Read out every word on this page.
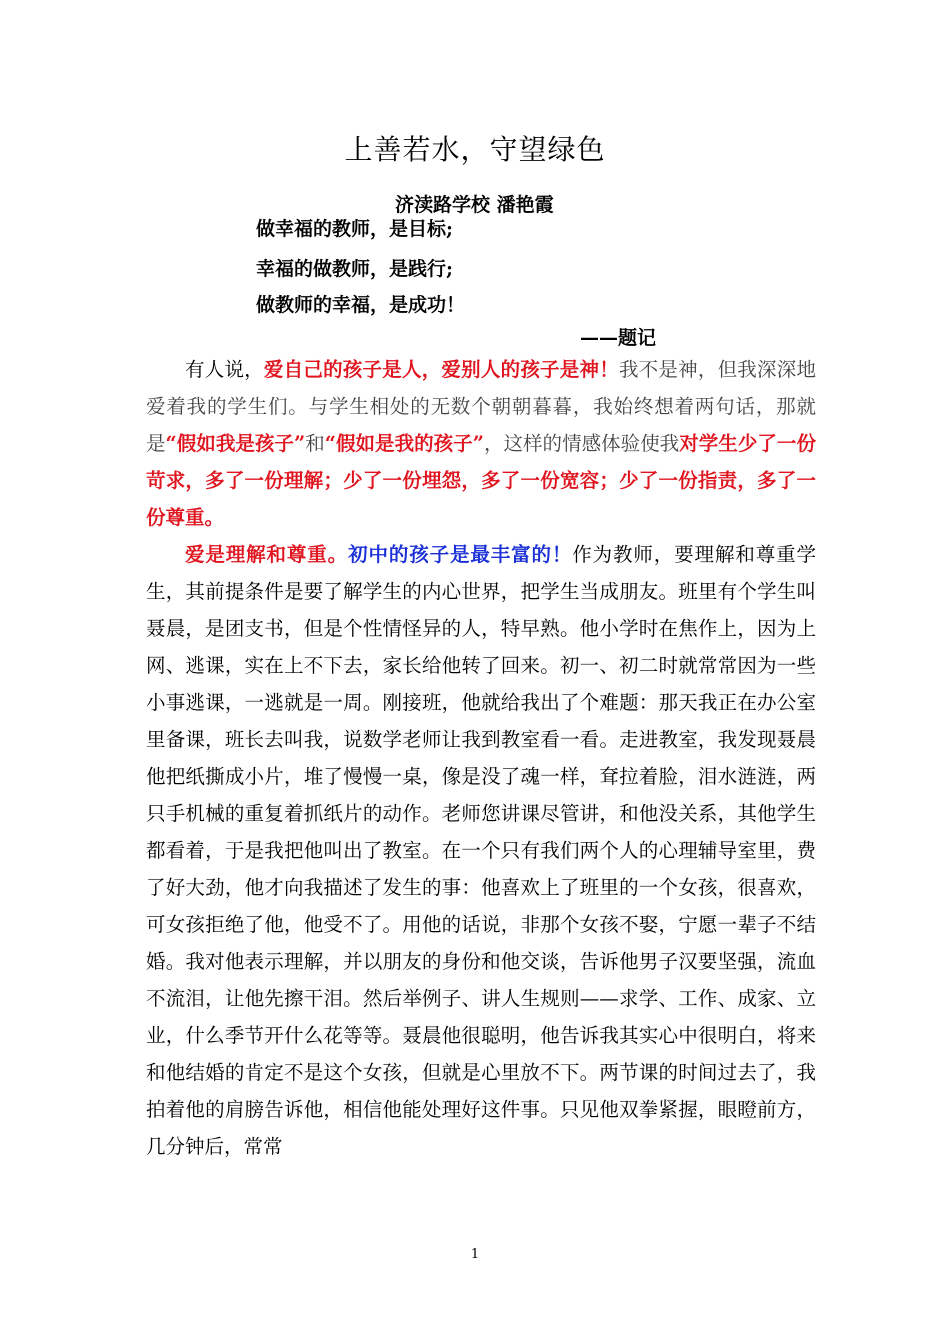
上善若水，守望绿色
济渎路学校 潘艳霞
做幸福的教师，是目标;
幸福的做教师，是践行;
做教师的幸福，是成功！
——题记

有人说，爱自己的孩子是人，爱别人的孩子是神！我不是神，但我深深地爱着我的学生们。与学生相处的无数个朝朝暮暮，我始终想着两句话，那就是“假如我是孩子”和“假如是我的孩子”，这样的情感体验使我对学生少了一份苛求，多了一份理解；少了一份埋怨，多了一份宽容；少了一份指责，多了一份尊重。

爱是理解和尊重。初中的孩子是最丰富的！作为教师，要理解和尊重学生，其前提条件是要了解学生的内心世界，把学生当成朋友。班里有个学生叫聂晨，是团支书，但是个性情怪异的人，特早熟。他小学时在焦作上，因为上网、逃课，实在上不下去，家长给他转了回来。初一、初二时就常常因为一些小事逃课，一逃就是一周。刚接班，他就给我出了个难题：那天我正在办公室里备课，班长去叫我，说数学老师让我到教室看一看。走进教室，我发现聂晨他把纸撕成小片，堆了慢慢一桌，像是没了魂一样，耷拉着脸，泪水涟涟，两只手机械的重复着抓纸片的动作。老师您讲课尽管讲，和他没关系，其他学生都看着，于是我把他叫出了教室。在一个只有我们两个人的心理辅导室里，费了好大劲，他才向我描述了发生的事：他喜欢上了班里的一个女孩，很喜欢，可女孩拒绝了他，他受不了。用他的话说，非那个女孩不娶，宁愿一辈子不结婚。我对他表示理解，并以朋友的身份和他交谈，告诉他男子汉要坚强，流血不流泪，让他先擦干泪。然后举例子、讲人生规则——求学、工作、成家、立业，什么季节开什么花等等。聂晨他很聪明，他告诉我其实心中很明白，将来和他结婚的肯定不是这个女孩，但就是心里放不下。两节课的时间过去了，我拍着他的肩膀告诉他，相信他能处理好这件事。只见他双拳紧握，眼瞪前方，几分钟后，常常

1
